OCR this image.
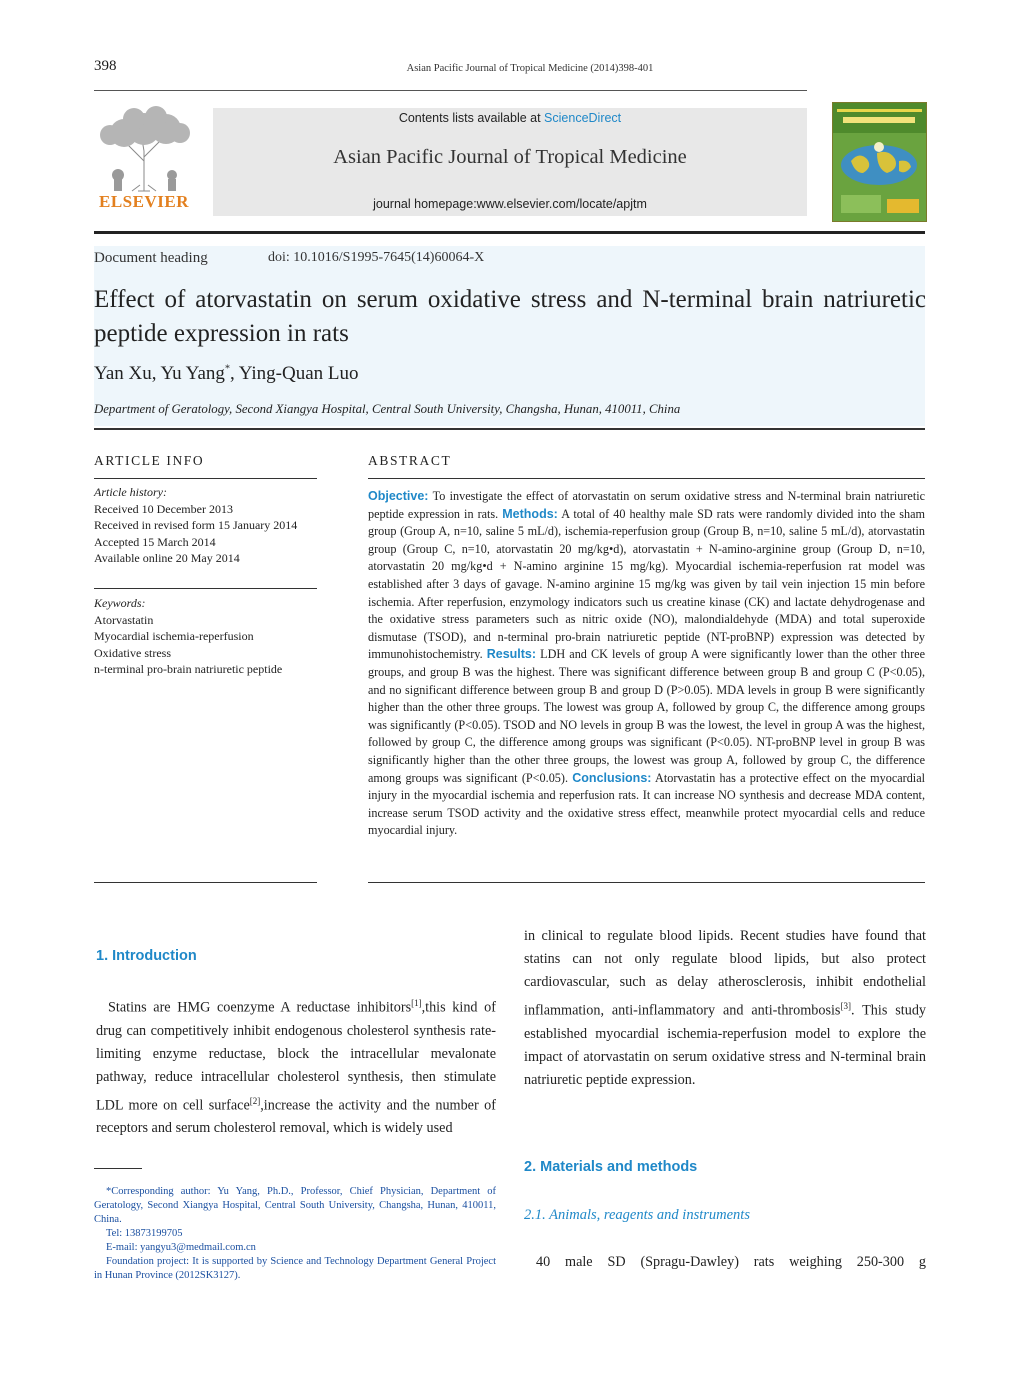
398	Asian Pacific Journal of Tropical Medicine (2014)398-401
ELSEVIER
Contents lists available at ScienceDirect
Asian Pacific Journal of Tropical Medicine
journal homepage:www.elsevier.com/locate/apjtm
Document heading	doi: 10.1016/S1995-7645(14)60064-X
Effect of atorvastatin on serum oxidative stress and N-terminal brain natriuretic peptide expression in rats
Yan Xu, Yu Yang*, Ying-Quan Luo
Department of Geratology, Second Xiangya Hospital, Central South University, Changsha, Hunan, 410011, China
ARTICLE INFO
Article history:
Received 10 December 2013
Received in revised form 15 January 2014
Accepted 15 March 2014
Available online 20 May 2014
Keywords:
Atorvastatin
Myocardial ischemia-reperfusion
Oxidative stress
n-terminal pro-brain natriuretic peptide
ABSTRACT
Objective: To investigate the effect of atorvastatin on serum oxidative stress and N-terminal brain natriuretic peptide expression in rats. Methods: A total of 40 healthy male SD rats were randomly divided into the sham group (Group A, n=10, saline 5 mL/d), ischemia-reperfusion group (Group B, n=10, saline 5 mL/d), atorvastatin group (Group C, n=10, atorvastatin 20 mg/kg•d), atorvastatin + N-amino-arginine group (Group D, n=10, atorvastatin 20 mg/kg•d + N-amino arginine 15 mg/kg). Myocardial ischemia-reperfusion rat model was established after 3 days of gavage. N-amino arginine 15 mg/kg was given by tail vein injection 15 min before ischemia. After reperfusion, enzymology indicators such us creatine kinase (CK) and lactate dehydrogenase and the oxidative stress parameters such as nitric oxide (NO), malondialdehyde (MDA) and total superoxide dismutase (TSOD), and n-terminal pro-brain natriuretic peptide (NT-proBNP) expression was detected by immunohistochemistry. Results: LDH and CK levels of group A were significantly lower than the other three groups, and group B was the highest. There was significant difference between group B and group C (P<0.05), and no significant difference between group B and group D (P>0.05). MDA levels in group B were significantly higher than the other three groups. The lowest was group A, followed by group C, the difference among groups was significantly (P<0.05). TSOD and NO levels in group B was the lowest, the level in group A was the highest, followed by group C, the difference among groups was significant (P<0.05). NT-proBNP level in group B was significantly higher than the other three groups, the lowest was group A, followed by group C, the difference among groups was significant (P<0.05). Conclusions: Atorvastatin has a protective effect on the myocardial injury in the myocardial ischemia and reperfusion rats. It can increase NO synthesis and decrease MDA content, increase serum TSOD activity and the oxidative stress effect, meanwhile protect myocardial cells and reduce myocardial injury.
1. Introduction
Statins are HMG coenzyme A reductase inhibitors[1],this kind of drug can competitively inhibit endogenous cholesterol synthesis rate-limiting enzyme reductase, block the intracellular mevalonate pathway, reduce intracellular cholesterol synthesis, then stimulate LDL more on cell surface[2],increase the activity and the number of receptors and serum cholesterol removal, which is widely used
in clinical to regulate blood lipids. Recent studies have found that statins can not only regulate blood lipids, but also protect cardiovascular, such as delay atherosclerosis, inhibit endothelial inflammation, anti-inflammatory and anti-thrombosis[3]. This study established myocardial ischemia-reperfusion model to explore the impact of atorvastatin on serum oxidative stress and N-terminal brain natriuretic peptide expression.

*Corresponding author: Yu Yang, Ph.D., Professor, Chief Physician, Department of Geratology, Second Xiangya Hospital, Central South University, Changsha, Hunan, 410011, China.

Tel: 13873199705

E-mail: yangyu3@medmail.com.cn

Foundation project: It is supported by Science and Technology Department General Project in Hunan Province (2012SK3127).

2. Materials and methods
2.1. Animals, reagents and instruments
40 male SD (Spragu-Dawley) rats weighing 250-300 g
